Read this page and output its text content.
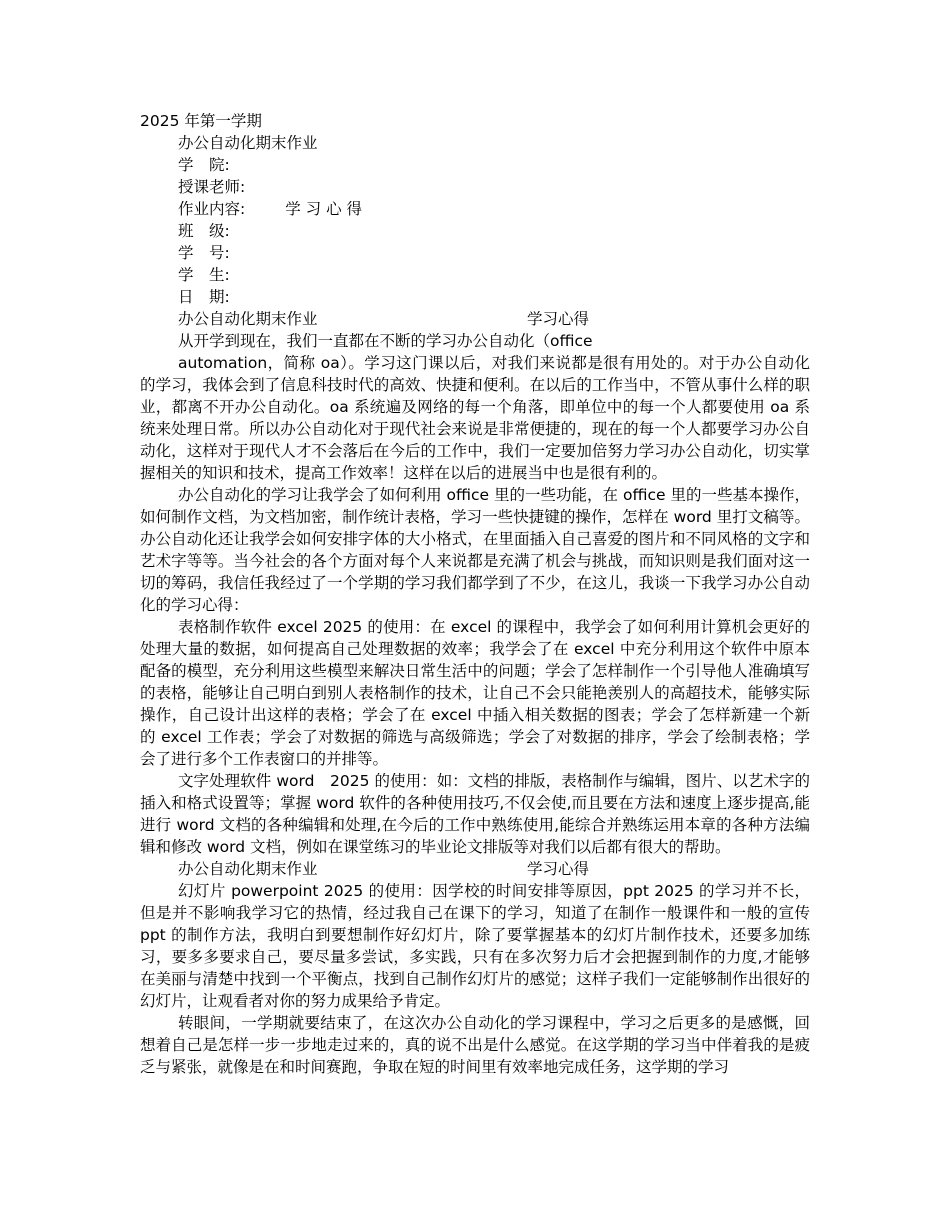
2025 年第一学期
办公自动化期末作业
学　院:
授课老师:
作业内容:	学 习 心 得
班　级:
学　号:
学　生:
日　期:
办公自动化期末作业	学习心得
从开学到现在，我们一直都在不断的学习办公自动化（office

automation，简称 oa）。学习这门课以后，对我们来说都是很有用处的。对于办公自动化的学习，我体会到了信息科技时代的高效、快捷和便利。在以后的工作当中，不管从事什么样的职业，都离不开办公自动化。oa 系统遍及网络的每一个角落，即单位中的每一个人都要使用 oa 系统来处理日常。所以办公自动化对于现代社会来说是非常便捷的，现在的每一个人都要学习办公自动化，这样对于现代人才不会落后在今后的工作中，我们一定要加倍努力学习办公自动化，切实掌握相关的知识和技术，提高工作效率！这样在以后的进展当中也是很有利的。

办公自动化的学习让我学会了如何利用 office 里的一些功能，在 office 里的一些基本操作，如何制作文档，为文档加密，制作统计表格，学习一些快捷键的操作，怎样在 word 里打文稿等。办公自动化还让我学会如何安排字体的大小格式，在里面插入自己喜爱的图片和不同风格的文字和艺术字等等。当今社会的各个方面对每个人来说都是充满了机会与挑战，而知识则是我们面对这一切的筹码，我信任我经过了一个学期的学习我们都学到了不少，在这儿，我谈一下我学习办公自动化的学习心得：

表格制作软件 excel 2025 的使用：在 excel 的课程中，我学会了如何利用计算机会更好的处理大量的数据，如何提高自己处理数据的效率；我学会了在 excel 中充分利用这个软件中原本配备的模型，充分利用这些模型来解决日常生活中的问题；学会了怎样制作一个引导他人准确填写的表格，能够让自己明白到别人表格制作的技术，让自己不会只能艳羡别人的高超技术，能够实际操作，自己设计出这样的表格；学会了在 excel 中插入相关数据的图表；学会了怎样新建一个新的 excel 工作表；学会了对数据的筛选与高级筛选；学会了对数据的排序，学会了绘制表格；学会了进行多个工作表窗口的并排等。

文字处理软件 word　2025 的使用：如：文档的排版，表格制作与编辑，图片、以艺术字的插入和格式设置等；掌握 word 软件的各种使用技巧,不仅会使,而且要在方法和速度上逐步提高,能进行 word 文档的各种编辑和处理,在今后的工作中熟练使用,能综合并熟练运用本章的各种方法编辑和修改 word 文档，例如在课堂练习的毕业论文排版等对我们以后都有很大的帮助。

办公自动化期末作业	学习心得

幻灯片 powerpoint 2025 的使用：因学校的时间安排等原因，ppt 2025 的学习并不长，但是并不影响我学习它的热情，经过我自己在课下的学习，知道了在制作一般课件和一般的宣传 ppt 的制作方法，我明白到要想制作好幻灯片，除了要掌握基本的幻灯片制作技术，还要多加练习，要多多要求自己，要尽量多尝试，多实践，只有在多次努力后才会把握到制作的力度,才能够在美丽与清楚中找到一个平衡点，找到自己制作幻灯片的感觉；这样子我们一定能够制作出很好的幻灯片，让观看者对你的努力成果给予肯定。

转眼间，一学期就要结束了，在这次办公自动化的学习课程中，学习之后更多的是感慨，回想着自己是怎样一步一步地走过来的，真的说不出是什么感觉。在这学期的学习当中伴着我的是疲乏与紧张，就像是在和时间赛跑，争取在短的时间里有效率地完成任务，这学期的学习
